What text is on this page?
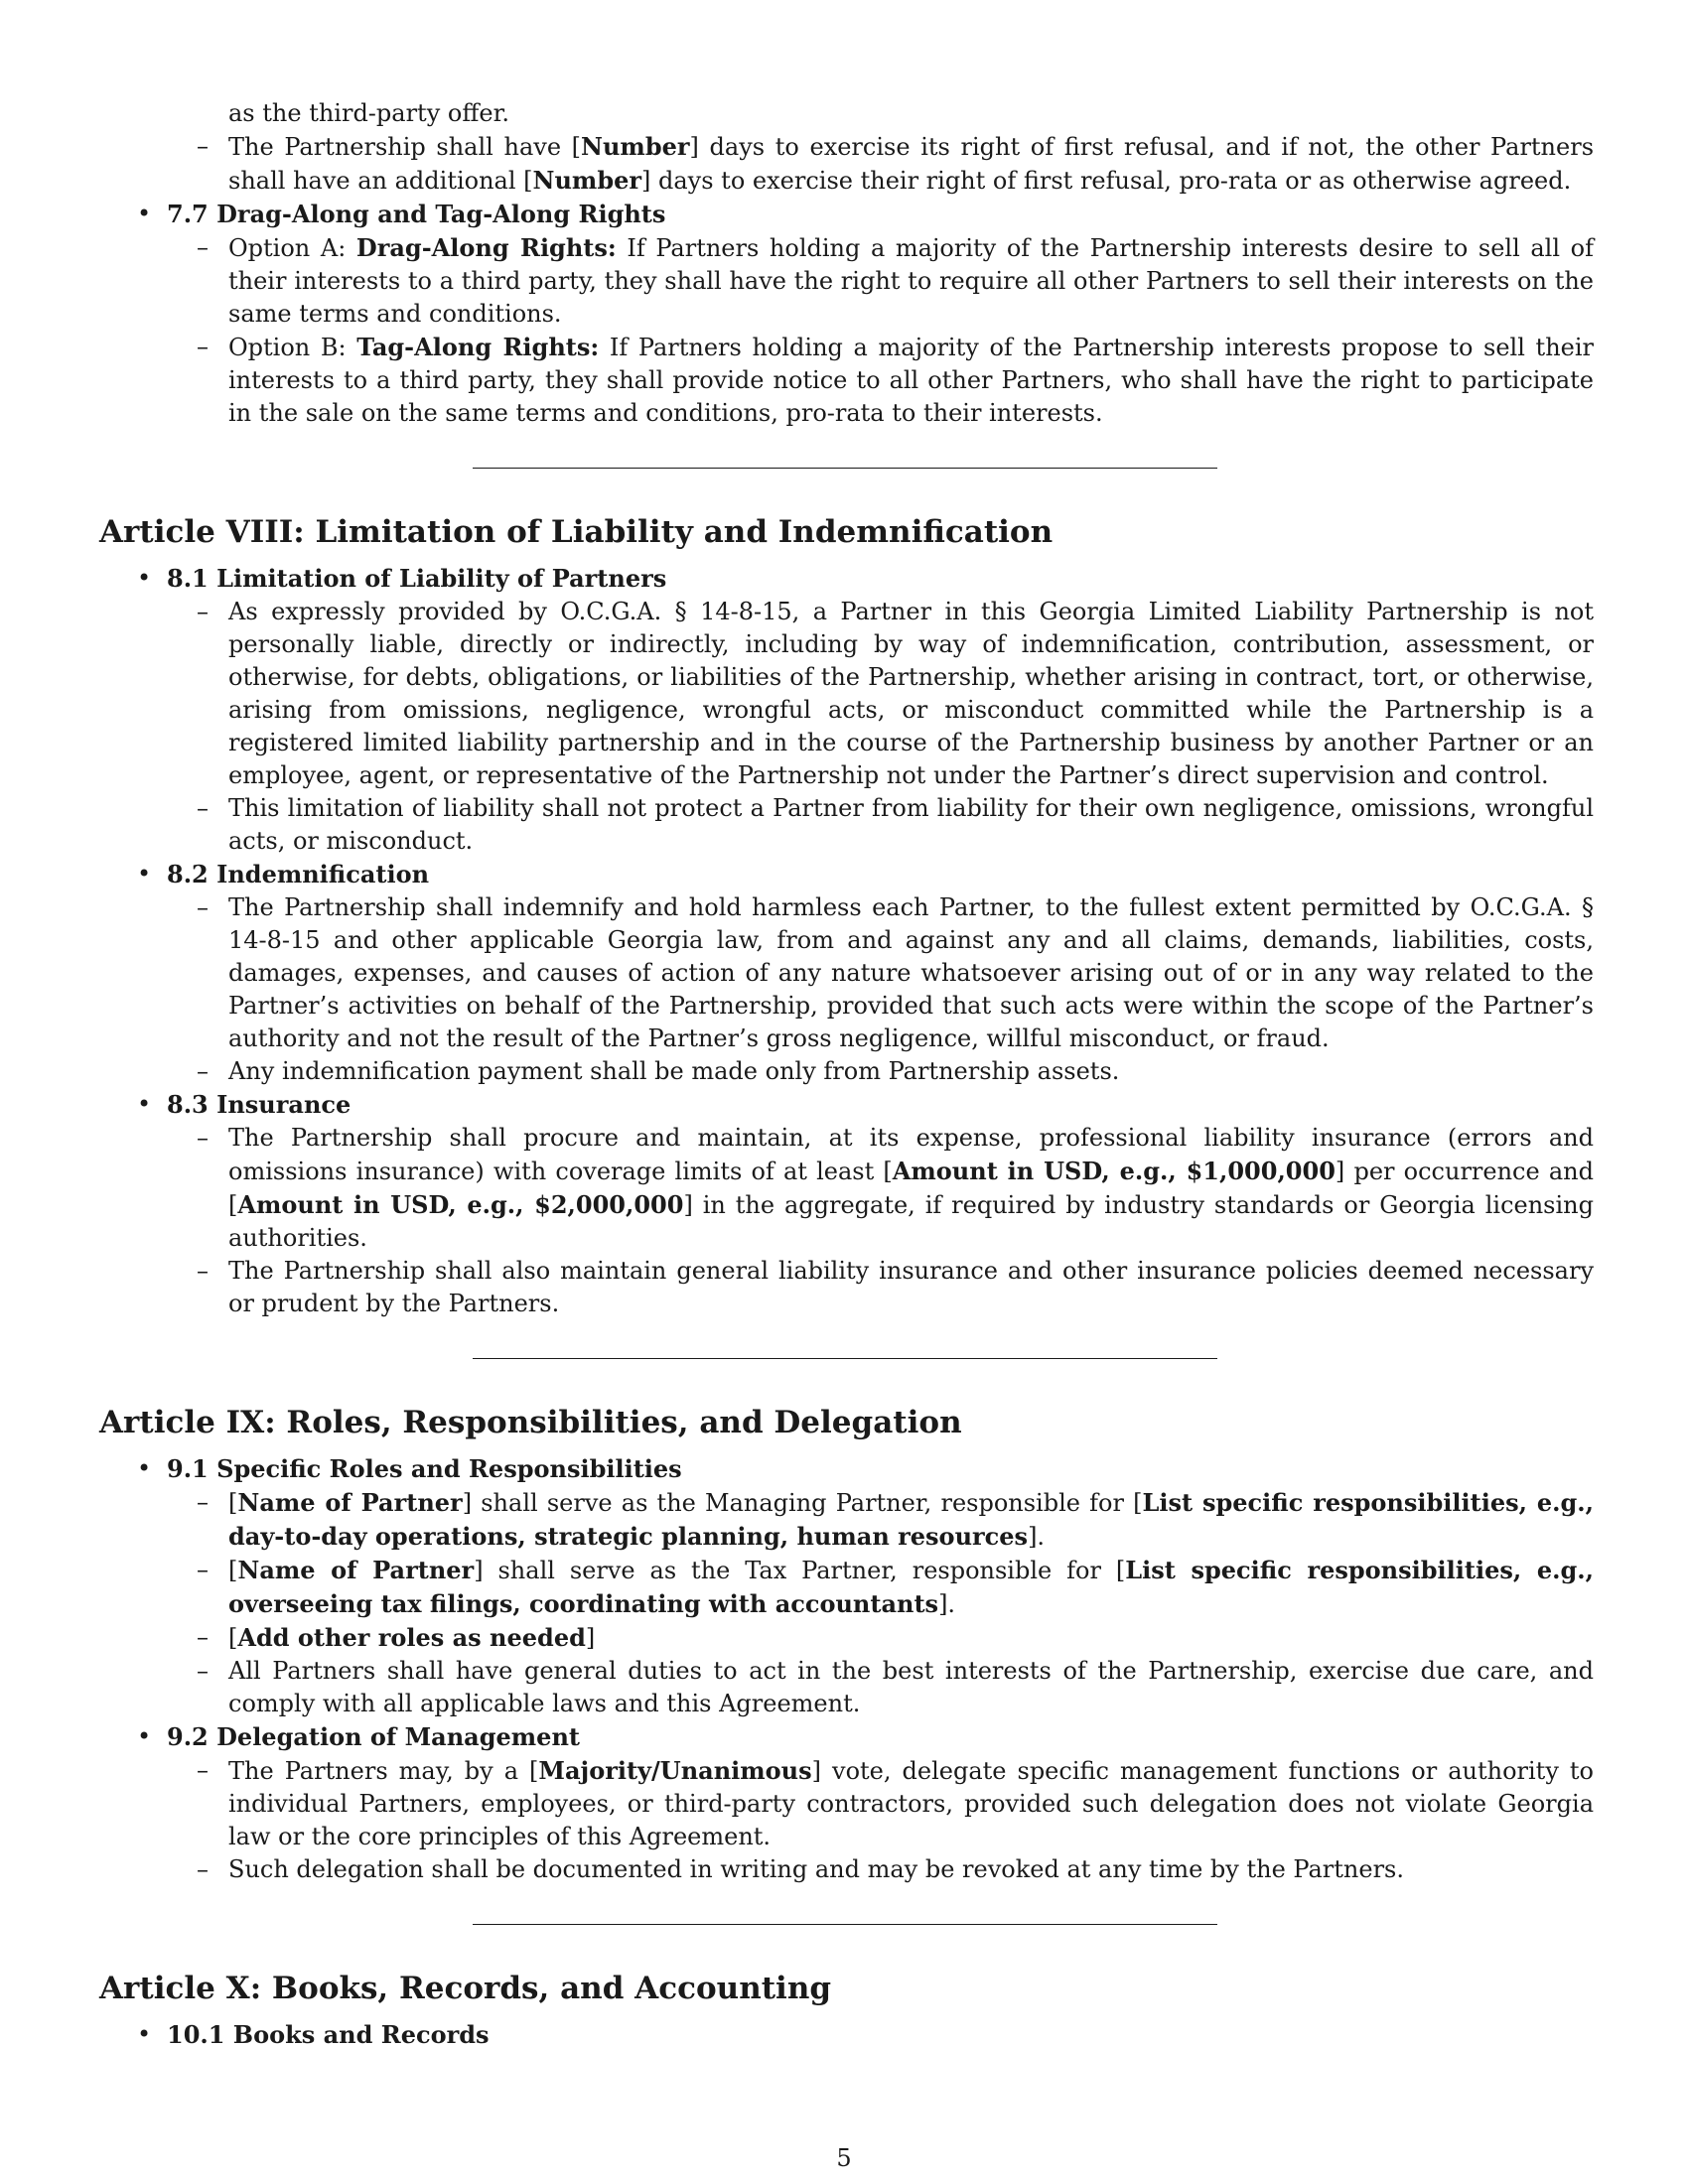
as the third-party offer.
– The Partnership shall have [Number] days to exercise its right of first refusal, and if not, the other Partners shall have an additional [Number] days to exercise their right of first refusal, pro-rata or as otherwise agreed.
• 7.7 Drag-Along and Tag-Along Rights
– Option A: Drag-Along Rights: If Partners holding a majority of the Partnership interests desire to sell all of their interests to a third party, they shall have the right to require all other Partners to sell their interests on the same terms and conditions.
– Option B: Tag-Along Rights: If Partners holding a majority of the Partnership interests propose to sell their interests to a third party, they shall provide notice to all other Partners, who shall have the right to participate in the sale on the same terms and conditions, pro-rata to their interests.
Article VIII: Limitation of Liability and Indemnification
• 8.1 Limitation of Liability of Partners
– As expressly provided by O.C.G.A. § 14-8-15, a Partner in this Georgia Limited Liability Partnership is not personally liable, directly or indirectly, including by way of indemnification, contribution, assessment, or otherwise, for debts, obligations, or liabilities of the Partnership, whether arising in contract, tort, or otherwise, arising from omissions, negligence, wrongful acts, or misconduct committed while the Partnership is a registered limited liability partnership and in the course of the Partnership business by another Partner or an employee, agent, or representative of the Partnership not under the Partner’s direct supervision and control.
– This limitation of liability shall not protect a Partner from liability for their own negligence, omissions, wrongful acts, or misconduct.
• 8.2 Indemnification
– The Partnership shall indemnify and hold harmless each Partner, to the fullest extent permitted by O.C.G.A. § 14-8-15 and other applicable Georgia law, from and against any and all claims, demands, liabilities, costs, damages, expenses, and causes of action of any nature whatsoever arising out of or in any way related to the Partner’s activities on behalf of the Partnership, provided that such acts were within the scope of the Partner’s authority and not the result of the Partner’s gross negligence, willful misconduct, or fraud.
– Any indemnification payment shall be made only from Partnership assets.
• 8.3 Insurance
– The Partnership shall procure and maintain, at its expense, professional liability insurance (errors and omissions insurance) with coverage limits of at least [Amount in USD, e.g., $1,000,000] per occurrence and [Amount in USD, e.g., $2,000,000] in the aggregate, if required by industry standards or Georgia licensing authorities.
– The Partnership shall also maintain general liability insurance and other insurance policies deemed necessary or prudent by the Partners.
Article IX: Roles, Responsibilities, and Delegation
• 9.1 Specific Roles and Responsibilities
– [Name of Partner] shall serve as the Managing Partner, responsible for [List specific responsibilities, e.g., day-to-day operations, strategic planning, human resources].
– [Name of Partner] shall serve as the Tax Partner, responsible for [List specific responsibilities, e.g., overseeing tax filings, coordinating with accountants].
– [Add other roles as needed]
– All Partners shall have general duties to act in the best interests of the Partnership, exercise due care, and comply with all applicable laws and this Agreement.
• 9.2 Delegation of Management
– The Partners may, by a [Majority/Unanimous] vote, delegate specific management functions or authority to individual Partners, employees, or third-party contractors, provided such delegation does not violate Georgia law or the core principles of this Agreement.
– Such delegation shall be documented in writing and may be revoked at any time by the Partners.
Article X: Books, Records, and Accounting
• 10.1 Books and Records
5
